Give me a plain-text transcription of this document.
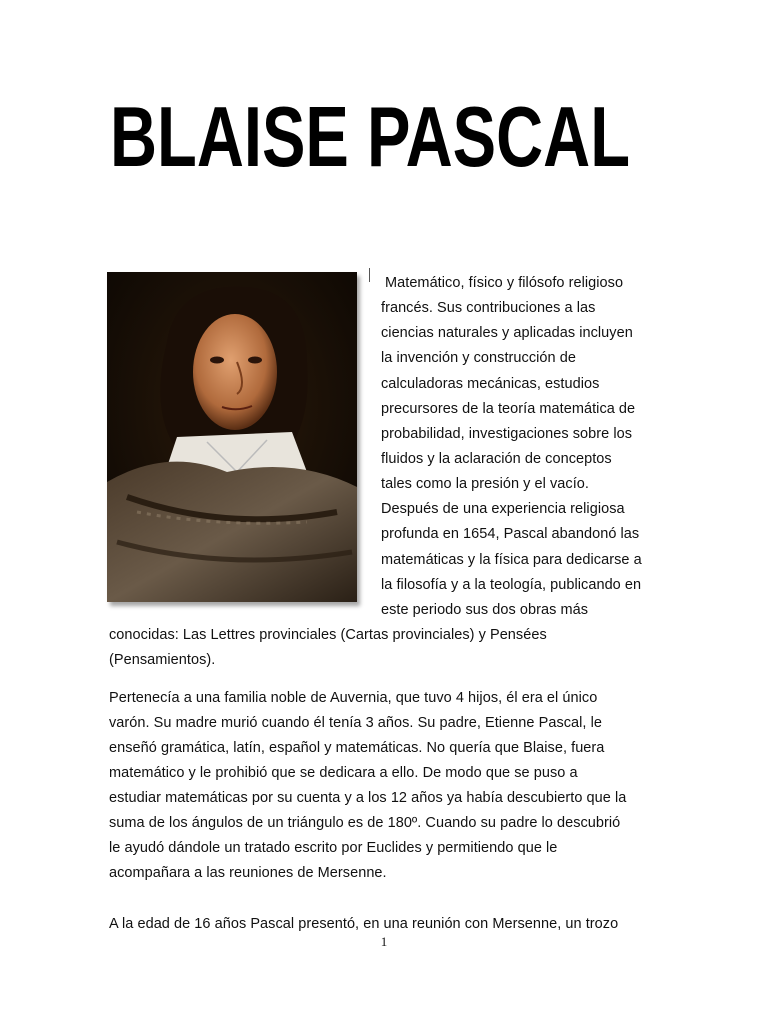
BLAISE PASCAL
Matemático, físico y filósofo religioso
francés. Sus contribuciones a las
ciencias naturales y aplicadas incluyen
la invención y construcción de
calculadoras mecánicas, estudios
precursores de la teoría matemática de
probabilidad, investigaciones sobre los
fluidos y la aclaración de conceptos
tales como la presión y el vacío.
Después de una experiencia religiosa
profunda en 1654, Pascal abandonó las
matemáticas y la física para dedicarse a
la filosofía y a la teología, publicando en
este periodo sus dos obras más
conocidas: Las Lettres provinciales (Cartas provinciales) y Pensées
(Pensamientos).
Pertenecía a una familia noble de Auvernia, que tuvo 4 hijos, él era el único
varón. Su madre murió cuando él tenía 3 años. Su padre, Etienne Pascal, le
enseñó gramática, latín, español y matemáticas. No quería que Blaise, fuera
matemático y le prohibió que se dedicara a ello. De modo que se puso a
estudiar matemáticas por su cuenta y a los 12 años ya había descubierto que la
suma de los ángulos de un triángulo es de 180º. Cuando su padre lo descubrió
le ayudó dándole un tratado escrito por Euclides y permitiendo que le
acompañara a las reuniones de Mersenne.
A la edad de 16 años Pascal presentó, en una reunión con Mersenne, un trozo
1
